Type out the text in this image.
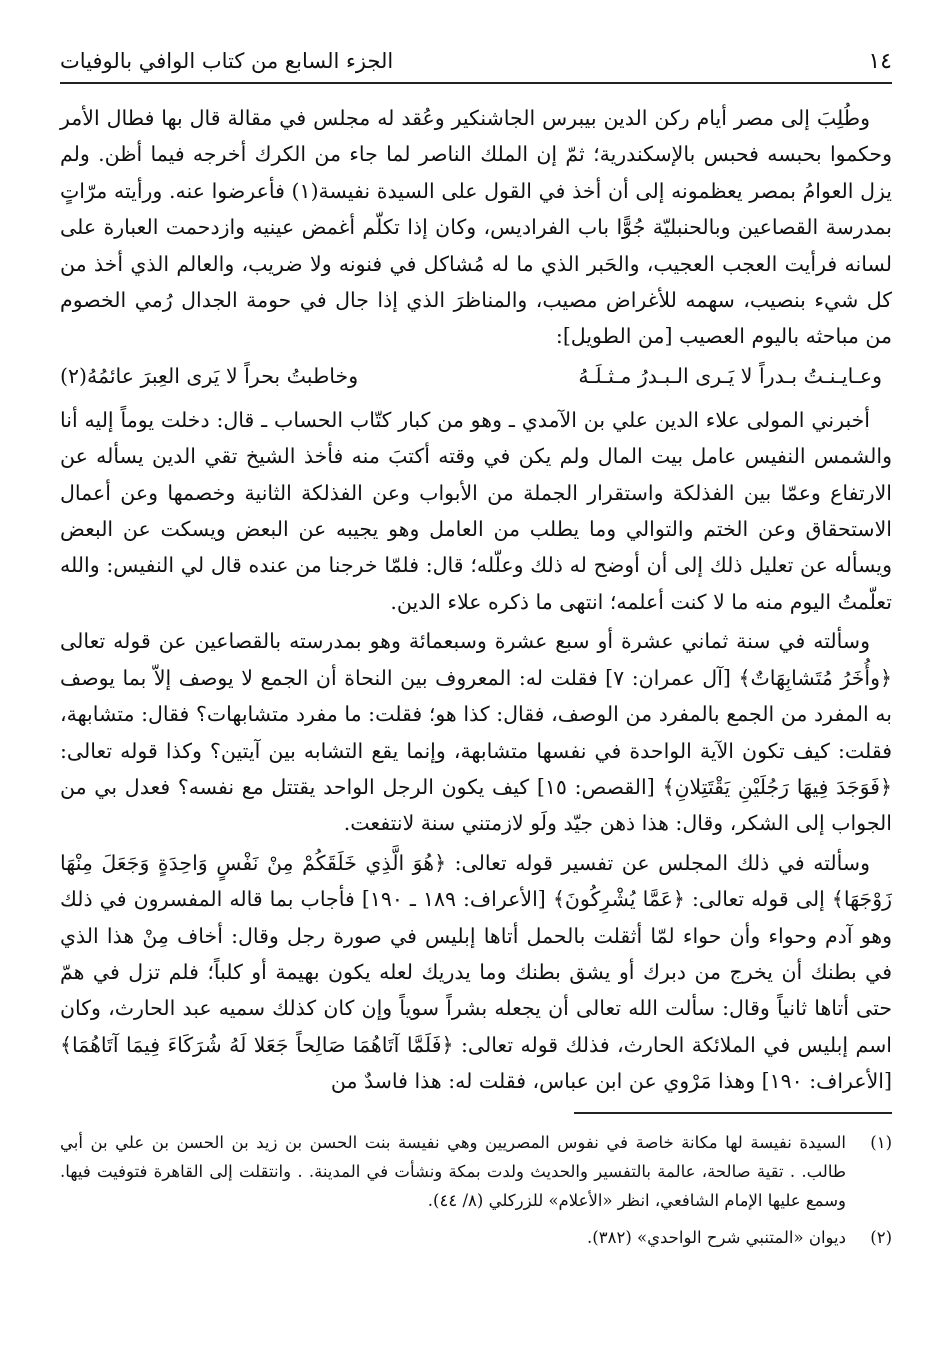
١٤
الجزء السابع من كتاب الوافي بالوفيات

وطُلِبَ إلى مصر أيام ركن الدين بيبرس الجاشنكير وعُقد له مجلس في مقالة قال بها فطال الأمر وحكموا بحبسه فحبس بالإسكندرية؛ ثمّ إن الملك الناصر لما جاء من الكرك أخرجه فيما أظن. ولم يزل العوامُ بمصر يعظمونه إلى أن أخذ في القول على السيدة نفيسة(١) فأعرضوا عنه. ورأيته مرّاتٍ بمدرسة القصاعين وبالحنبليّة جُوًّا باب الفراديس، وكان إذا تكلّم أغمض عينيه وازدحمت العبارة على لسانه فرأيت العجب العجيب، والحَبر الذي ما له مُشاكل في فنونه ولا ضريب، والعالم الذي أخذ من كل شيء بنصيب، سهمه للأغراض مصيب، والمناظرَ الذي إذا جال في حومة الجدال رُمي الخصوم من مباحثه باليوم العصيب [من الطويل]:

وعـايـنـتُ بـدراً لا يَـرى الـبـدرُ مـثـلَـهُ
وخاطبتُ بحراً لا يَرى العِبرَ عائمُهُ(٢)

أخبرني المولى علاء الدين علي بن الآمدي ـ وهو من كبار كتّاب الحساب ـ قال: دخلت يوماً إليه أنا والشمس النفيس عامل بيت المال ولم يكن في وقته أكتبَ منه فأخذ الشيخ تقي الدين يسأله عن الارتفاع وعمّا بين الفذلكة واستقرار الجملة من الأبواب وعن الفذلكة الثانية وخصمها وعن أعمال الاستحقاق وعن الختم والتوالي وما يطلب من العامل وهو يجيبه عن البعض ويسكت عن البعض ويسأله عن تعليل ذلك إلى أن أوضح له ذلك وعلّله؛ قال: فلمّا خرجنا من عنده قال لي النفيس: والله تعلّمتُ اليوم منه ما لا كنت أعلمه؛ انتهى ما ذكره علاء الدين.

وسألته في سنة ثماني عشرة أو سبع عشرة وسبعمائة وهو بمدرسته بالقصاعين عن قوله تعالى ﴿وأُخَرُ مُتَشابِهَاتٌ﴾ [آل عمران: ٧] فقلت له: المعروف بين النحاة أن الجمع لا يوصف إلاّ بما يوصف به المفرد من الجمع بالمفرد من الوصف، فقال: كذا هو؛ فقلت: ما مفرد متشابهات؟ فقال: متشابهة، فقلت: كيف تكون الآية الواحدة في نفسها متشابهة، وإنما يقع التشابه بين آيتين؟ وكذا قوله تعالى: ﴿فَوَجَدَ فِيهَا رَجُلَيْنِ يَقْتَتِلانِ﴾ [القصص: ١٥] كيف يكون الرجل الواحد يقتتل مع نفسه؟ فعدل بي من الجواب إلى الشكر، وقال: هذا ذهن جيّد ولَو لازمتني سنة لانتفعت.

وسألته في ذلك المجلس عن تفسير قوله تعالى: ﴿هُوَ الَّذِي خَلَقَكُمْ مِنْ نَفْسٍ وَاحِدَةٍ وَجَعَلَ مِنْهَا زَوْجَهَا﴾ إلى قوله تعالى: ﴿عَمَّا يُشْرِكُونَ﴾ [الأعراف: ١٨٩ ـ ١٩٠] فأجاب بما قاله المفسرون في ذلك وهو آدم وحواء وأن حواء لمّا أثقلت بالحمل أتاها إبليس في صورة رجل وقال: أخاف مِنْ هذا الذي في بطنك أن يخرج من دبرك أو يشق بطنك وما يدريك لعله يكون بهيمة أو كلباً؛ فلم تزل في همّ حتى أتاها ثانياً وقال: سألت الله تعالى أن يجعله بشراً سوياً وإن كان كذلك سميه عبد الحارث، وكان اسم إبليس في الملائكة الحارث، فذلك قوله تعالى: ﴿فَلَمَّا آتَاهُمَا صَالِحاً جَعَلا لَهُ شُرَكَاءَ فِيمَا آتَاهُمَا﴾ [الأعراف: ١٩٠] وهذا مَرْوي عن ابن عباس، فقلت له: هذا فاسدٌ من

(١)
السيدة نفيسة لها مكانة خاصة في نفوس المصريين وهي نفيسة بنت الحسن بن زيد بن الحسن بن علي بن أبي طالب. . تقية صالحة، عالمة بالتفسير والحديث ولدت بمكة ونشأت في المدينة. . وانتقلت إلى القاهرة فتوفيت فيها. وسمع عليها الإمام الشافعي، انظر «الأعلام» للزركلي (٨/ ٤٤).
(٢)
ديوان «المتنبي شرح الواحدي» (٣٨٢).
